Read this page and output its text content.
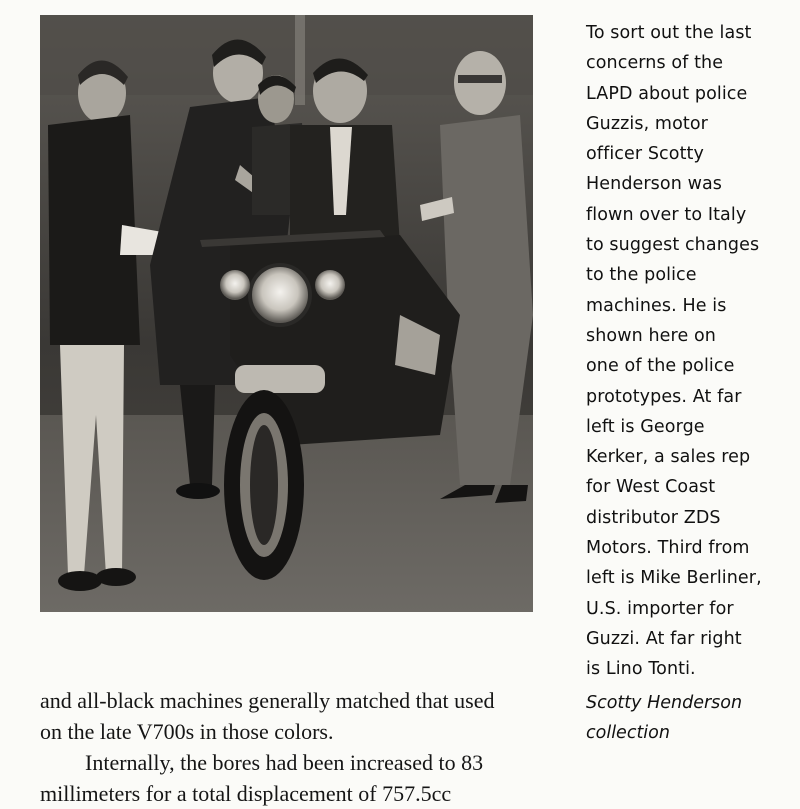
To sort out the last
concerns of the
LAPD about police
Guzzis, motor
officer Scotty
Henderson was
flown over to Italy
to suggest changes
to the police
machines. He is
shown here on
one of the police
prototypes. At far
left is George
Kerker, a sales rep
for West Coast
distributor ZDS
Motors. Third from
left is Mike Berliner,
U.S. importer for
Guzzi. At far right
is Lino Tonti.

Scotty Henderson
collection

and all-black machines generally matched that used
on the late V700s in those colors.
Internally, the bores had been increased to 83
millimeters for a total displacement of 757.5cc
